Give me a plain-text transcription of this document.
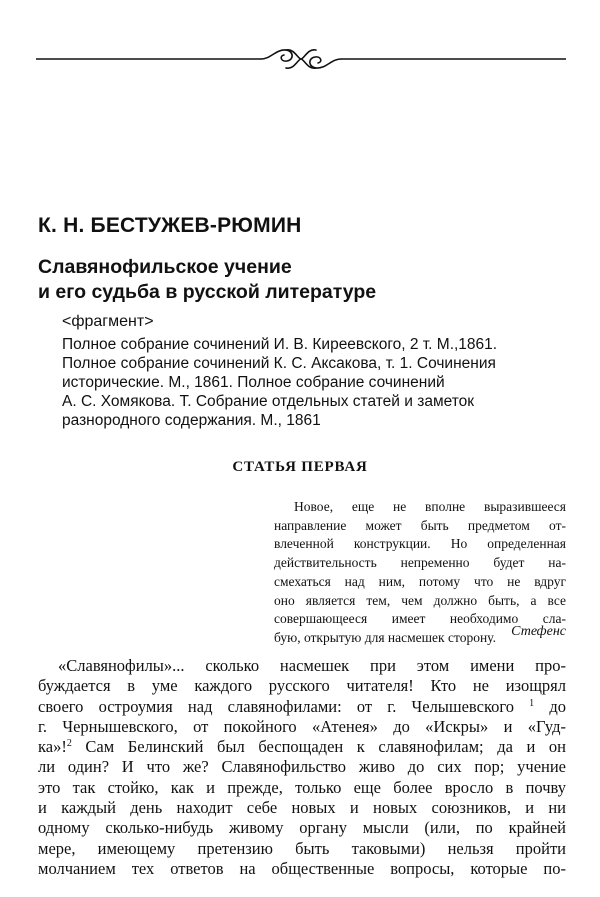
К. Н. БЕСТУЖЕВ-РЮМИН
Славянофильское учение
и его судьба в русской литературе
<фрагмент>
Полное собрание сочинений И. В. Киреевского, 2 т. М.,1861.
Полное собрание сочинений К. С. Аксакова, т. 1. Сочинения
исторические. М., 1861. Полное собрание сочинений
А. С. Хомякова. Т. Собрание отдельных статей и заметок
разнородного содержания. М., 1861
СТАТЬЯ ПЕРВАЯ
Новое, еще не вполне выразившееся
направление может быть предметом от-
влеченной конструкции. Но определенная
действительность непременно будет на-
смехаться над ним, потому что не вдруг
оно является тем, чем должно быть, а все
совершающееся имеет необходимо сла-
бую, открытую для насмешек сторону.	Стефенс
«Славянофилы»... сколько насмешек при этом имени про-
буждается в уме каждого русского читателя! Кто не изощрял
своего остроумия над славянофилами: от г. Челышевского $^1$ до
г. Чернышевского, от покойного «Атенея» до «Искры» и «Гуд-
ка»!$^2$ Сам Белинский был беспощаден к славянофилам; да и он
ли один? И что же? Славянофильство живо до сих пор; учение
это так стойко, как и прежде, только еще более вросло в почву
и каждый день находит себе новых и новых союзников, и ни
одному сколько-нибудь живому органу мысли (или, по крайней
мере, имеющему претензию быть таковыми) нельзя пройти
молчанием тех ответов на общественные вопросы, которые по-
